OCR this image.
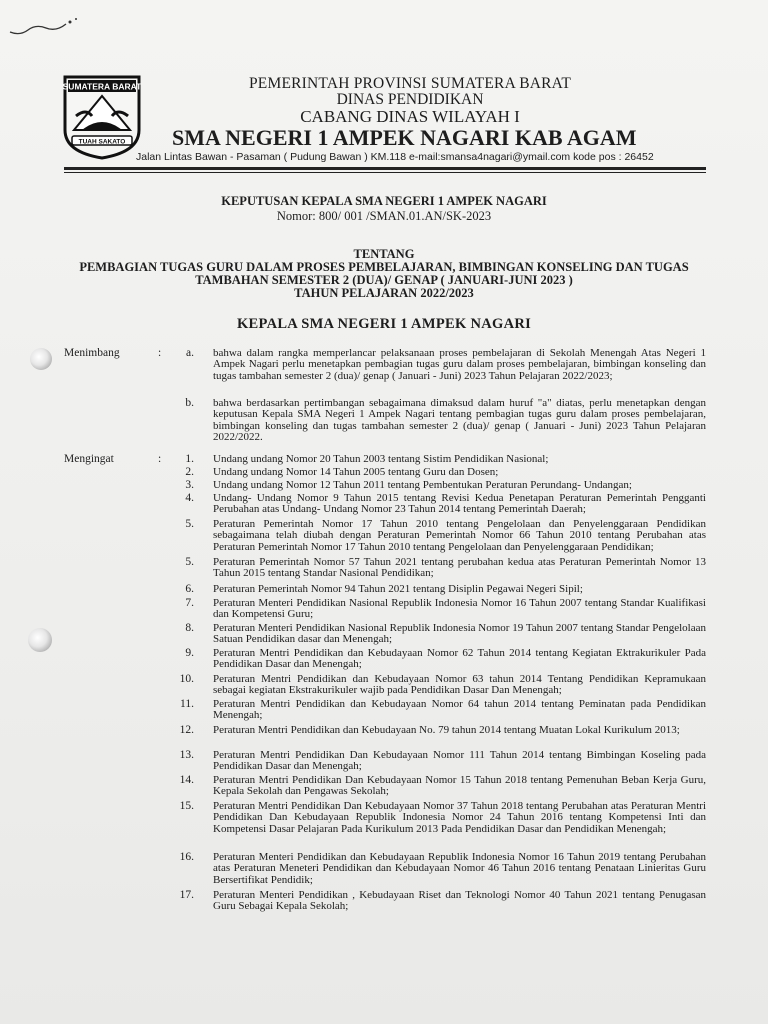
SUMATERA BARAT
TUAH SAKATO
PEMERINTAH PROVINSI SUMATERA BARAT
DINAS PENDIDIKAN
CABANG DINAS WILAYAH I
SMA NEGERI 1 AMPEK NAGARI KAB AGAM
Jalan Lintas Bawan - Pasaman ( Pudung Bawan ) KM.118 e-mail:smansa4nagari@ymail.com kode pos : 26452
KEPUTUSAN KEPALA SMA NEGERI 1 AMPEK NAGARI
Nomor: 800/ 001 /SMAN.01.AN/SK-2023
TENTANG
PEMBAGIAN TUGAS GURU DALAM PROSES PEMBELAJARAN, BIMBINGAN KONSELING DAN TUGAS
TAMBAHAN SEMESTER 2 (DUA)/ GENAP ( JANUARI-JUNI 2023 )
TAHUN PELAJARAN 2022/2023
KEPALA SMA NEGERI 1 AMPEK NAGARI
Menimbang	:	a. bahwa dalam rangka memperlancar pelaksanaan proses pembelajaran di Sekolah Menengah Atas Negeri 1 Ampek Nagari perlu menetapkan pembagian tugas guru dalam proses pembelajaran, bimbingan konseling dan tugas tambahan semester 2 (dua)/ genap ( Januari - Juni) 2023 Tahun Pelajaran 2022/2023;
b. bahwa berdasarkan pertimbangan sebagaimana dimaksud dalam huruf "a" diatas, perlu menetapkan dengan keputusan Kepala SMA Negeri 1 Ampek Nagari tentang pembagian tugas guru dalam proses pembelajaran, bimbingan konseling dan tugas tambahan semester 2 (dua)/ genap ( Januari - Juni) 2023 Tahun Pelajaran 2022/2022.
Mengingat	:	1. Undang undang Nomor 20 Tahun 2003 tentang Sistim Pendidikan Nasional;
2. Undang undang Nomor 14 Tahun 2005 tentang Guru dan Dosen;
3. Undang undang Nomor 12 Tahun 2011 tentang Pembentukan Peraturan Perundang- Undangan;
4. Undang- Undang Nomor 9 Tahun 2015 tentang Revisi Kedua Penetapan Peraturan Pemerintah Pengganti Perubahan atas Undang- Undang Nomor 23 Tahun 2014 tentang Pemerintah Daerah;
5. Peraturan Pemerintah Nomor 17 Tahun 2010 tentang Pengelolaan dan Penyelenggaraan Pendidikan sebagaimana telah diubah dengan Peraturan Pemerintah Nomor 66 Tahun 2010 tentang Perubahan atas Peraturan Pemerintah Nomor 17 Tahun 2010 tentang Pengelolaan dan Penyelenggaraan Pendidikan;
5. Peraturan Pemerintah Nomor 57 Tahun 2021 tentang perubahan kedua atas Peraturan Pemerintah Nomor 13 Tahun 2015 tentang Standar Nasional Pendidikan;
6. Peraturan Pemerintah Nomor 94 Tahun 2021 tentang Disiplin Pegawai Negeri Sipil;
7. Peraturan Menteri Pendidikan Nasional Republik Indonesia Nomor 16 Tahun 2007 tentang Standar Kualifikasi dan Kompetensi Guru;
8. Peraturan Menteri Pendidikan Nasional Republik Indonesia Nomor 19 Tahun 2007 tentang Standar Pengelolaan Satuan Pendidikan dasar dan Menengah;
9. Peraturan Mentri Pendidikan dan Kebudayaan Nomor 62 Tahun 2014 tentang Kegiatan Ektrakurikuler Pada Pendidikan Dasar dan Menengah;
10. Peraturan Mentri Pendidikan dan Kebudayaan Nomor 63 tahun 2014 Tentang Pendidikan Kepramukaan sebagai kegiatan Ekstrakurikuler wajib pada Pendidikan Dasar Dan Menengah;
11. Peraturan Mentri Pendidikan dan Kebudayaan Nomor 64 tahun 2014 tentang Peminatan pada Pendidikan Menengah;
12. Peraturan Mentri Pendidikan dan Kebudayaan No. 79 tahun 2014 tentang Muatan Lokal Kurikulum 2013;
13. Peraturan Mentri Pendidikan Dan Kebudayaan Nomor 111 Tahun 2014 tentang Bimbingan Koseling pada Pendidikan Dasar dan Menengah;
14. Peraturan Mentri Pendidikan Dan Kebudayaan Nomor 15 Tahun 2018 tentang Pemenuhan Beban Kerja Guru, Kepala Sekolah dan Pengawas Sekolah;
15. Peraturan Mentri Pendidikan Dan Kebudayaan Nomor 37 Tahun 2018 tentang Perubahan atas Peraturan Mentri Pendidikan Dan Kebudayaan Republik Indonesia Nomor 24 Tahun 2016 tentang Kompetensi Inti dan Kompetensi Dasar Pelajaran Pada Kurikulum 2013 Pada Pendidikan Dasar dan Pendidikan Menengah;
16. Peraturan Menteri Pendidikan dan Kebudayaan Republik Indonesia Nomor 16 Tahun 2019 tentang Perubahan atas Peraturan Meneteri Pendidikan dan Kebudayaan Nomor 46 Tahun 2016 tentang Penataan Linieritas Guru Bersertifikat Pendidik;
17. Peraturan Menteri Pendidikan , Kebudayaan Riset dan Teknologi Nomor 40 Tahun 2021 tentang Penugasan Guru Sebagai Kepala Sekolah;
